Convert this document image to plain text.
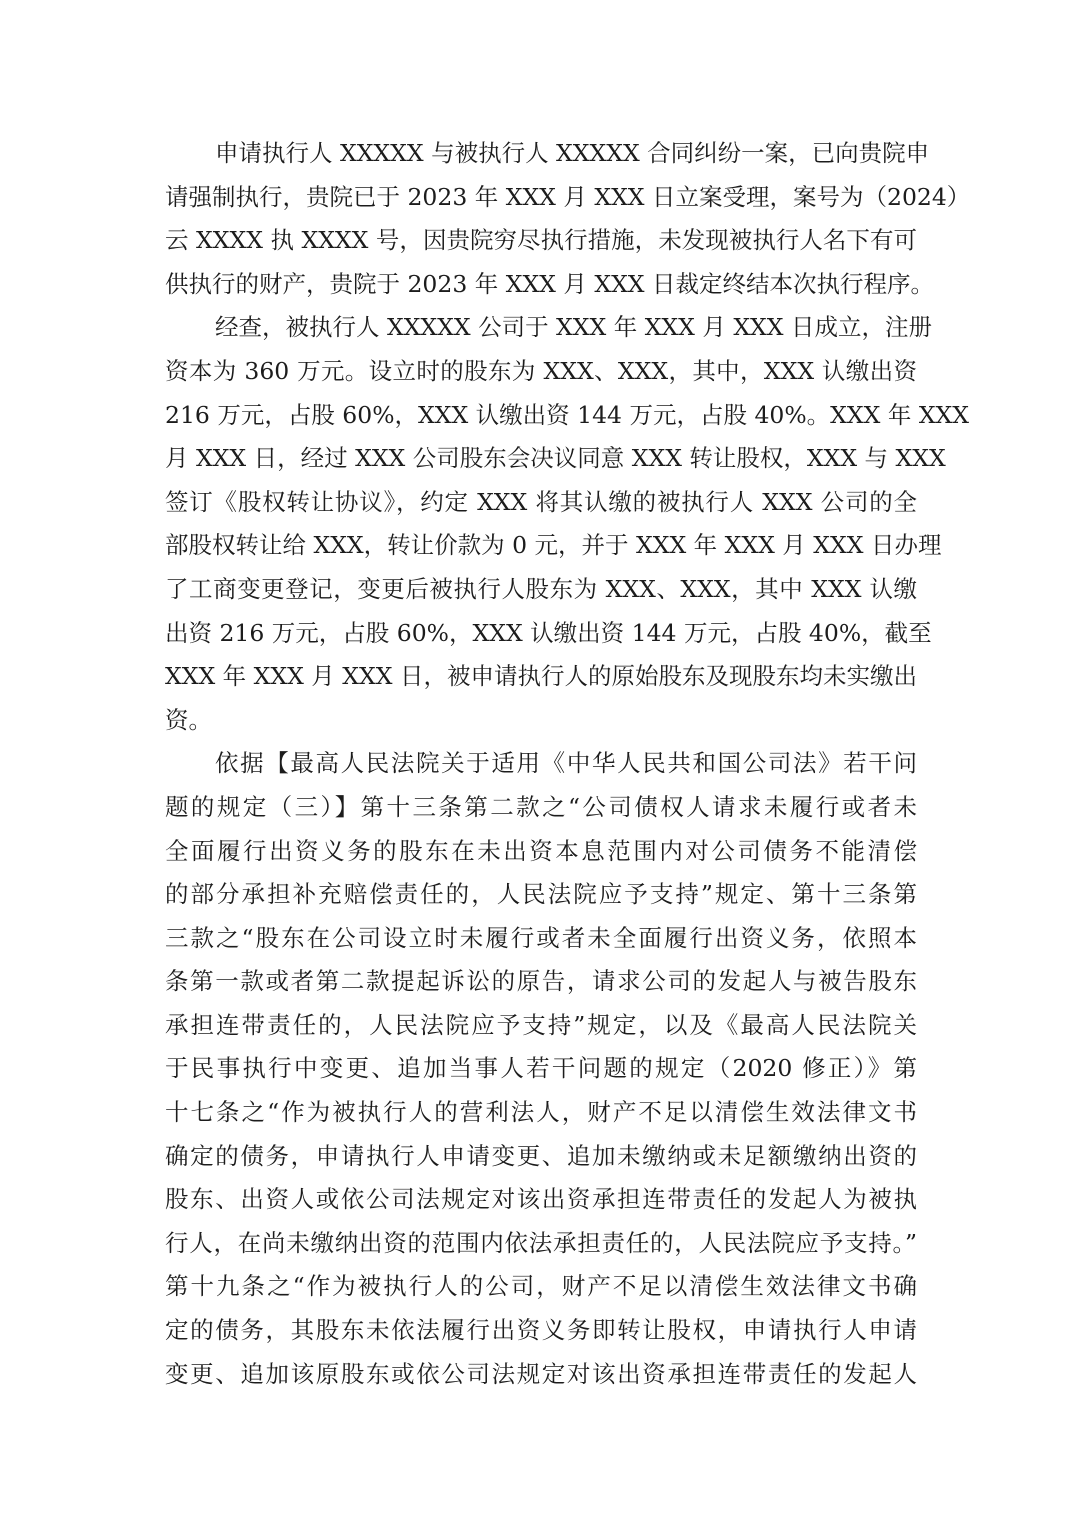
申请执行人 XXXXX 与被执行人 XXXXX 合同纠纷一案，已向贵院申
请强制执行，贵院已于 2023 年 XXX 月 XXX 日立案受理，案号为（2024）
云 XXXX 执 XXXX 号，因贵院穷尽执行措施，未发现被执行人名下有可
供执行的财产，贵院于 2023 年 XXX 月 XXX 日裁定终结本次执行程序。
经查，被执行人 XXXXX 公司于 XXX 年 XXX 月 XXX 日成立，注册
资本为 360 万元。设立时的股东为 XXX、XXX，其中，XXX 认缴出资
216 万元，占股 60%，XXX 认缴出资 144 万元，占股 40%。XXX 年 XXX
月 XXX 日，经过 XXX 公司股东会决议同意 XXX 转让股权，XXX 与 XXX
签订《股权转让协议》，约定 XXX 将其认缴的被执行人 XXX 公司的全
部股权转让给 XXX，转让价款为 0 元，并于 XXX 年 XXX 月 XXX 日办理
了工商变更登记，变更后被执行人股东为 XXX、XXX，其中 XXX 认缴
出资 216 万元，占股 60%，XXX 认缴出资 144 万元，占股 40%，截至
XXX 年 XXX 月 XXX 日，被申请执行人的原始股东及现股东均未实缴出
资。
依据【最高人民法院关于适用《中华人民共和国公司法》若干问
题的规定（三）】第十三条第二款之“公司债权人请求未履行或者未
全面履行出资义务的股东在未出资本息范围内对公司债务不能清偿
的部分承担补充赔偿责任的，人民法院应予支持”规定、第十三条第
三款之“股东在公司设立时未履行或者未全面履行出资义务，依照本
条第一款或者第二款提起诉讼的原告，请求公司的发起人与被告股东
承担连带责任的，人民法院应予支持”规定，以及《最高人民法院关
于民事执行中变更、追加当事人若干问题的规定（2020 修正）》第
十七条之“作为被执行人的营利法人，财产不足以清偿生效法律文书
确定的债务，申请执行人申请变更、追加未缴纳或未足额缴纳出资的
股东、出资人或依公司法规定对该出资承担连带责任的发起人为被执
行人，在尚未缴纳出资的范围内依法承担责任的，人民法院应予支持。”
第十九条之“作为被执行人的公司，财产不足以清偿生效法律文书确
定的债务，其股东未依法履行出资义务即转让股权，申请执行人申请
变更、追加该原股东或依公司法规定对该出资承担连带责任的发起人
